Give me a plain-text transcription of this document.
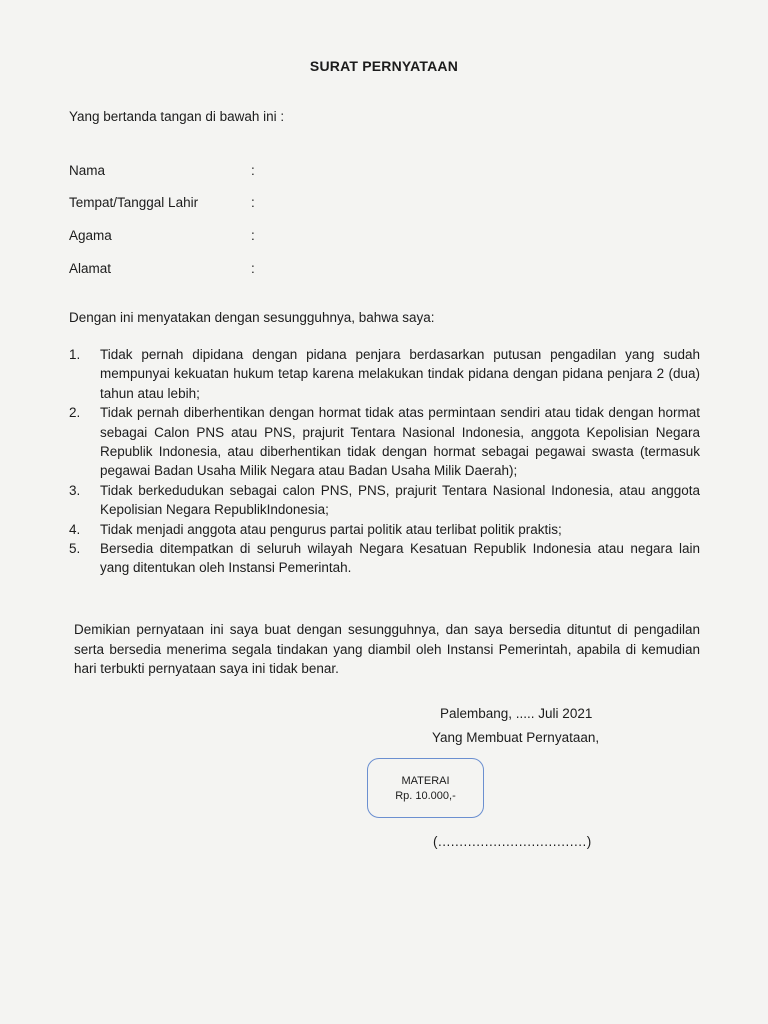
SURAT PERNYATAAN
Yang bertanda tangan di bawah ini :
Nama	:
Tempat/Tanggal Lahir	:
Agama	:
Alamat	:
Dengan ini menyatakan dengan sesungguhnya, bahwa saya:
1. Tidak pernah dipidana dengan pidana penjara berdasarkan putusan pengadilan yang sudah mempunyai kekuatan hukum tetap karena melakukan tindak pidana dengan pidana penjara 2 (dua) tahun atau lebih;
2. Tidak pernah diberhentikan dengan hormat tidak atas permintaan sendiri atau tidak dengan hormat sebagai Calon PNS atau PNS, prajurit Tentara Nasional Indonesia, anggota Kepolisian Negara Republik Indonesia, atau diberhentikan tidak dengan hormat sebagai pegawai swasta (termasuk pegawai Badan Usaha Milik Negara atau Badan Usaha Milik Daerah);
3. Tidak berkedudukan sebagai calon PNS, PNS, prajurit Tentara Nasional Indonesia, atau anggota Kepolisian Negara RepublikIndonesia;
4. Tidak menjadi anggota atau pengurus partai politik atau terlibat politik praktis;
5. Bersedia ditempatkan di seluruh wilayah Negara Kesatuan Republik Indonesia atau negara lain yang ditentukan oleh Instansi Pemerintah.
Demikian pernyataan ini saya buat dengan sesungguhnya, dan saya bersedia dituntut di pengadilan serta bersedia menerima segala tindakan yang diambil oleh Instansi Pemerintah, apabila di kemudian hari terbukti pernyataan saya ini tidak benar.
Palembang, ..... Juli 2021
Yang Membuat Pernyataan,
MATERAI
Rp. 10.000,-
(...................................)
